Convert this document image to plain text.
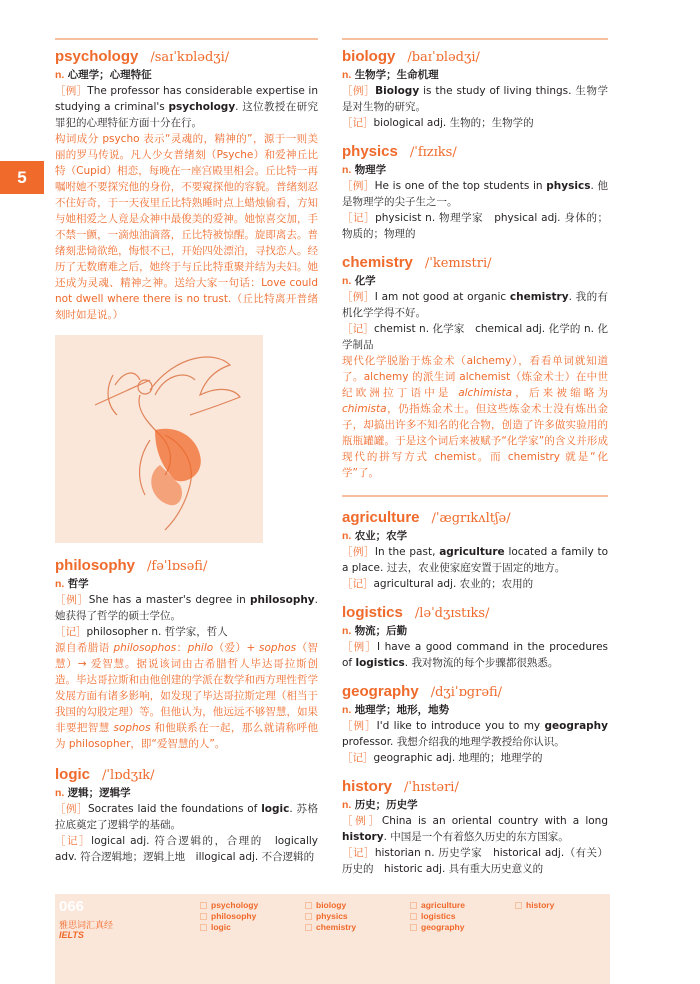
5
psychology /saɪˈkɒlədʒi/
n. 心理学；心理特征
［例］The professor has considerable expertise in studying a criminal's psychology. 这位教授在研究罪犯的心理特征方面十分在行。
构词成分 psycho 表示“灵魂的，精神的”，源于一则美丽的罗马传说。凡人少女普绪刻（Psyche）和爱神丘比特（Cupid）相恋，每晚在一座宫殿里相会。丘比特一再嘱咐她不要探究他的身份，不要窥探他的容貌。普绪刻忍不住好奇，于一天夜里丘比特熟睡时点上蜡烛偷看，方知与她相爱之人竟是众神中最俊美的爱神。她惊喜交加，手不禁一颤，一滴烛油滴落，丘比特被惊醒。旋即离去。普绪刻悲恸欲绝，悔恨不已，开始四处漂泊，寻找恋人。经历了无数磨难之后，她终于与丘比特重聚并结为夫妇。她还成为灵魂、精神之神。送给大家一句话：Love could not dwell where there is no trust.（丘比特离开普绪刻时如是说。）
philosophy /fəˈlɒsəfi/
n. 哲学
［例］She has a master's degree in philosophy. 她获得了哲学的硕士学位。
［记］philosopher n. 哲学家，哲人
源自希腊语 philosophos：philo（爱）+ sophos（智慧）→ 爱智慧。据说该词由古希腊哲人毕达哥拉斯创造。毕达哥拉斯和由他创建的学派在数学和西方理性哲学发展方面有诸多影响，如发现了毕达哥拉斯定理（相当于我国的勾股定理）等。但他认为，他远远不够智慧，如果非要把智慧 sophos 和他联系在一起，那么就请称呼他为 philosopher，即“爱智慧的人”。
logic /ˈlɒdʒɪk/
n. 逻辑；逻辑学
［例］Socrates laid the foundations of logic. 苏格拉底奠定了逻辑学的基础。
［记］logical adj. 符合逻辑的，合理的　logically adv. 符合逻辑地；逻辑上地　illogical adj. 不合逻辑的
biology /baɪˈɒlədʒi/
n. 生物学；生命机理
［例］Biology is the study of living things. 生物学是对生物的研究。
［记］biological adj. 生物的；生物学的
physics /ˈfɪzɪks/
n. 物理学
［例］He is one of the top students in physics. 他是物理学的尖子生之一。
［记］physicist n. 物理学家　physical adj. 身体的；物质的；物理的
chemistry /ˈkemɪstri/
n. 化学
［例］I am not good at organic chemistry. 我的有机化学学得不好。
［记］chemist n. 化学家　chemical adj. 化学的 n. 化学制品
现代化学脱胎于炼金术（alchemy），看看单词就知道了。alchemy 的派生词 alchemist（炼金术士）在中世纪欧洲拉丁语中是 alchimista，后来被缩略为 chimista，仍指炼金术士。但这些炼金术士没有炼出金子，却搞出许多不知名的化合物，创造了许多做实验用的瓶瓶罐罐。于是这个词后来被赋予“化学家”的含义并形成现代的拼写方式 chemist。而 chemistry 就是“化学”了。
agriculture /ˈægrɪkʌltʃə/
n. 农业；农学
［例］In the past, agriculture located a family to a place. 过去，农业使家庭安置于固定的地方。
［记］agricultural adj. 农业的；农用的
logistics /ləˈdʒɪstɪks/
n. 物流；后勤
［例］I have a good command in the procedures of logistics. 我对物流的每个步骤都很熟悉。
geography /dʒiˈɒgrəfi/
n. 地理学；地形，地势
［例］I'd like to introduce you to my geography professor. 我想介绍我的地理学教授给你认识。
［记］geographic adj. 地理的；地理学的
history /ˈhɪstəri/
n. 历史；历史学
［例］China is an oriental country with a long history. 中国是一个有着悠久历史的东方国家。
［记］historian n. 历史学家　historical adj.（有关）历史的　historic adj. 具有重大历史意义的
066
雅思词汇真经
IELTS
psychology
philosophy
logic
biology
physics
chemistry
agriculture
logistics
geography
history
